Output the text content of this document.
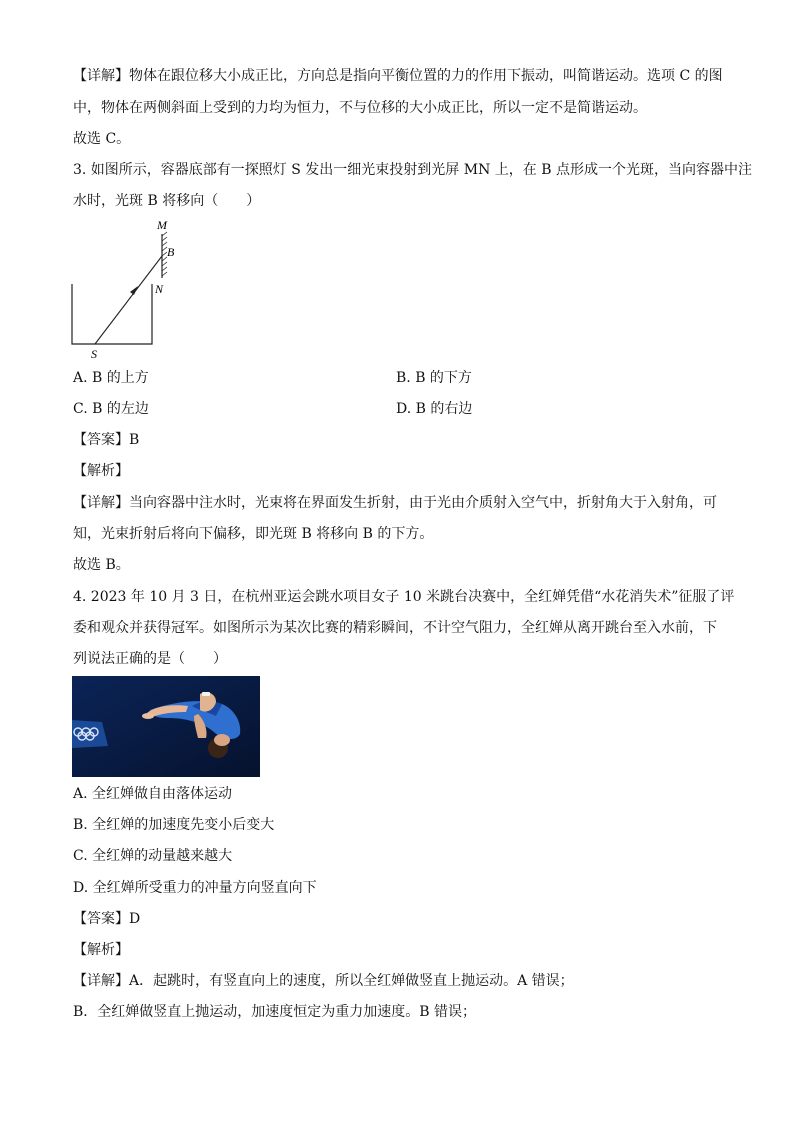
【详解】物体在跟位移大小成正比，方向总是指向平衡位置的力的作用下振动，叫简谐运动。选项 C 的图
中，物体在两侧斜面上受到的力均为恒力，不与位移的大小成正比，所以一定不是简谐运动。
故选 C。
3. 如图所示，容器底部有一探照灯 S 发出一细光束投射到光屏 MN 上，在 B 点形成一个光斑，当向容器中注
水时，光斑 B 将移向（　　）
M
B
N
S
A. B 的上方	B. B 的下方
C. B 的左边	D. B 的右边
【答案】B
【解析】
【详解】当向容器中注水时，光束将在界面发生折射，由于光由介质射入空气中，折射角大于入射角，可
知，光束折射后将向下偏移，即光斑 B 将移向 B 的下方。
故选 B。
4. 2023 年 10 月 3 日，在杭州亚运会跳水项目女子 10 米跳台决赛中，全红婵凭借“水花消失术”征服了评
委和观众并获得冠军。如图所示为某次比赛的精彩瞬间，不计空气阻力，全红婵从离开跳台至入水前，下
列说法正确的是（　　）
A. 全红婵做自由落体运动
B. 全红婵的加速度先变小后变大
C. 全红婵的动量越来越大
D. 全红婵所受重力的冲量方向竖直向下
【答案】D
【解析】
【详解】A．起跳时，有竖直向上的速度，所以全红婵做竖直上抛运动。A 错误；
B．全红婵做竖直上抛运动，加速度恒定为重力加速度。B 错误；
